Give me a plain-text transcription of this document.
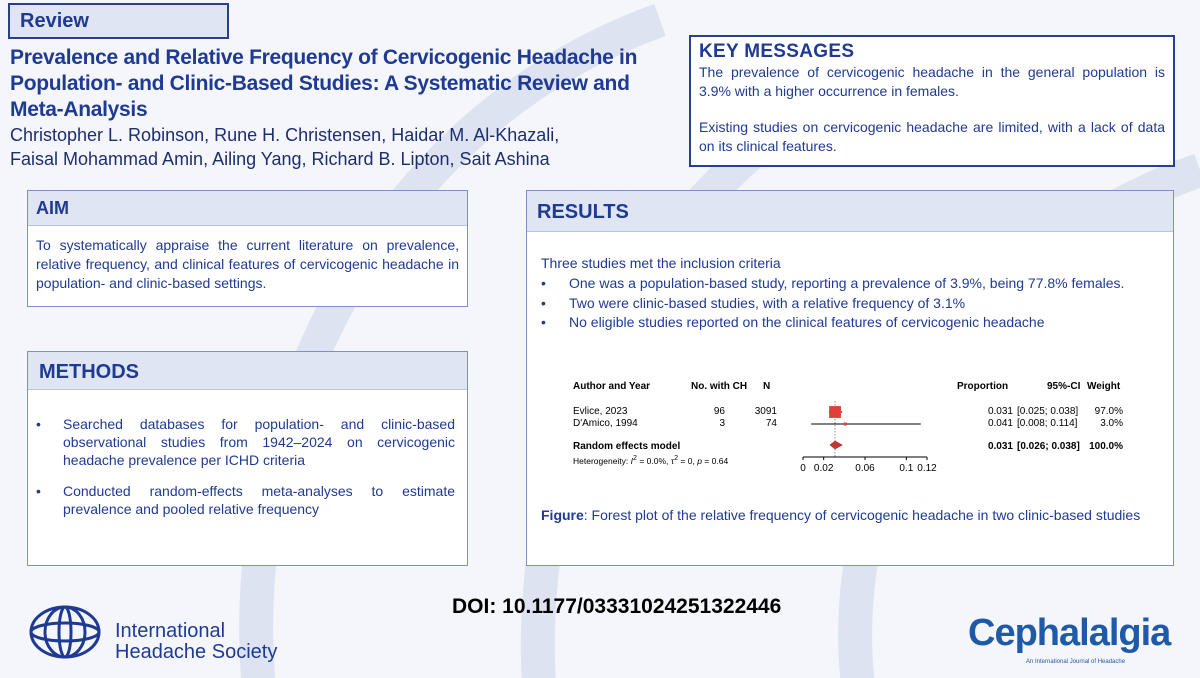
Review
Prevalence and Relative Frequency of Cervicogenic Headache in Population- and Clinic-Based Studies: A Systematic Review and Meta-Analysis
Christopher L. Robinson, Rune H. Christensen, Haidar M. Al-Khazali,
Faisal Mohammad Amin, Ailing Yang, Richard B. Lipton, Sait Ashina
KEY MESSAGES
The prevalence of cervicogenic headache in the general population is 3.9% with a higher occurrence in females.
Existing studies on cervicogenic headache are limited, with a lack of data on its clinical features.
AIM
To systematically appraise the current literature on prevalence, relative frequency, and clinical features of cervicogenic headache in population- and clinic-based settings.
METHODS
• Searched databases for population- and clinic-based observational studies from 1942–2024 on cervicogenic headache prevalence per ICHD criteria
• Conducted random-effects meta-analyses to estimate prevalence and pooled relative frequency
RESULTS
Three studies met the inclusion criteria
• One was a population-based study, reporting a prevalence of 3.9%, being 77.8% females.
• Two were clinic-based studies, with a relative frequency of 3.1%
• No eligible studies reported on the clinical features of cervicogenic headache
Author and Year	No. with CH N	Proportion	95%-CI Weight
Evlice, 2023	96	3091	0.031 [0.025; 0.038]	97.0%
D'Amico, 1994	3	74	0.041 [0.008; 0.114]	3.0%
Random effects model	0.031 [0.026; 0.038] 100.0%
Heterogeneity: $I^2 = 0.0\%$, $\tau^2 = 0$, p = 0.64
0 0.02 0.06 0.1 0.12
Figure: Forest plot of the relative frequency of cervicogenic headache in two clinic-based studies
DOI: 10.1177/03331024251322446
International
Headache Society	Cephalalgia
An International Journal of Headache
